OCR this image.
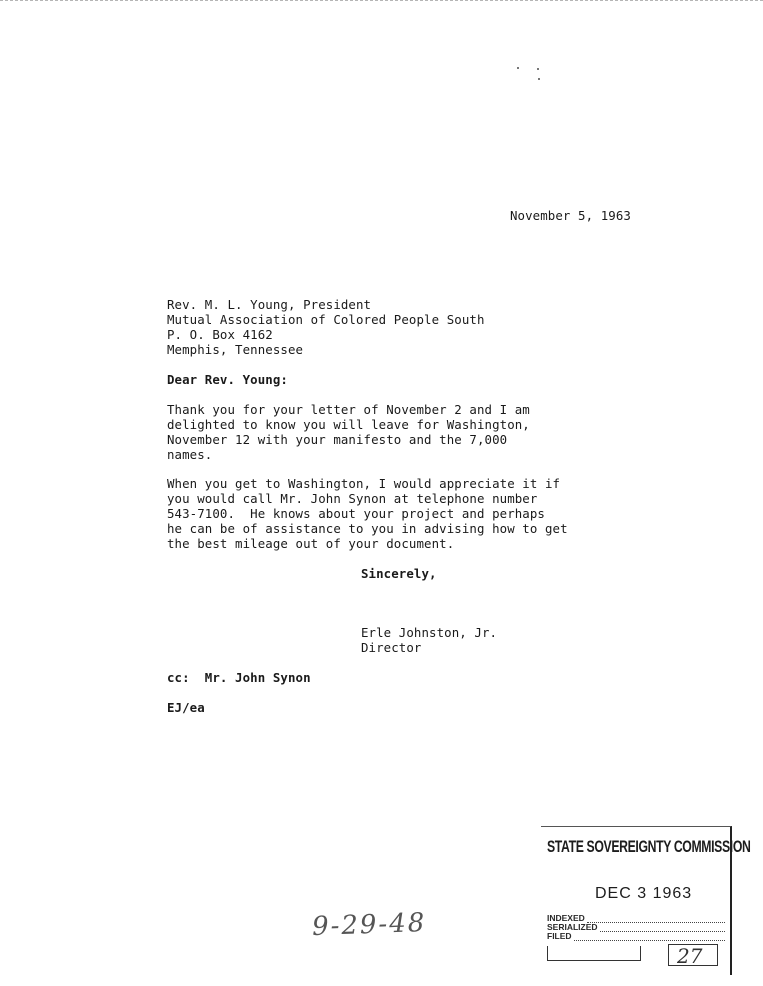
November 5, 1963
Rev. M. L. Young, President
Mutual Association of Colored People South
P. O. Box 4162
Memphis, Tennessee
Dear Rev. Young:
Thank you for your letter of November 2 and I am
delighted to know you will leave for Washington,
November 12 with your manifesto and the 7,000
names.
When you get to Washington, I would appreciate it if
you would call Mr. John Synon at telephone number
543-7100.  He knows about your project and perhaps
he can be of assistance to you in advising how to get
the best mileage out of your document.
Sincerely,
Erle Johnston, Jr.
Director
cc:  Mr. John Synon
EJ/ea
9-29-48
STATE SOVEREIGNTY COMMISSION
DEC 3 1963
INDEXED
SERIALIZED
FILED
27
